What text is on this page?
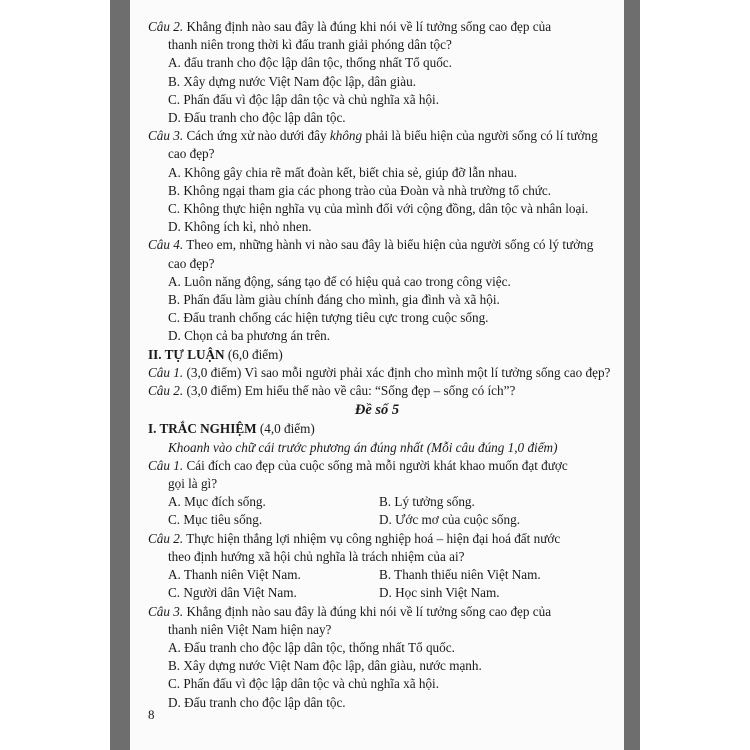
Câu 2. Khẳng định nào sau đây là đúng khi nói về lí tưởng sống cao đẹp của
thanh niên trong thời kì đấu tranh giải phóng dân tộc?
A. đấu tranh cho độc lập dân tộc, thống nhất Tổ quốc.
B. Xây dựng nước Việt Nam độc lập, dân giàu.
C. Phấn đấu vì độc lập dân tộc và chủ nghĩa xã hội.
D. Đấu tranh cho độc lập dân tộc.
Câu 3. Cách ứng xử nào dưới đây không phải là biểu hiện của người sống có lí tưởng
cao đẹp?
A. Không gây chia rẽ mất đoàn kết, biết chia sẻ, giúp đỡ lẫn nhau.
B. Không ngại tham gia các phong trào của Đoàn và nhà trường tổ chức.
C. Không thực hiện nghĩa vụ của mình đối với cộng đồng, dân tộc và nhân loại.
D. Không ích kỉ, nhỏ nhen.
Câu 4. Theo em, những hành vi nào sau đây là biểu hiện của người sống có lý tưởng
cao đẹp?
A. Luôn năng động, sáng tạo để có hiệu quả cao trong công việc.
B. Phấn đấu làm giàu chính đáng cho mình, gia đình và xã hội.
C. Đấu tranh chống các hiện tượng tiêu cực trong cuộc sống.
D. Chọn cả ba phương án trên.
II. TỰ LUẬN (6,0 điểm)
Câu 1. (3,0 điểm) Vì sao mỗi người phải xác định cho mình một lí tưởng sống cao đẹp?
Câu 2. (3,0 điểm) Em hiểu thế nào về câu: “Sống đẹp – sống có ích”?
Đề số 5
I. TRẮC NGHIỆM (4,0 điểm)
Khoanh vào chữ cái trước phương án đúng nhất (Mỗi câu đúng 1,0 điểm)
Câu 1. Cái đích cao đẹp của cuộc sống mà mỗi người khát khao muốn đạt được
gọi là gì?
A. Mục đích sống.	B. Lý tưởng sống.
C. Mục tiêu sống.	D. Ước mơ của cuộc sống.
Câu 2. Thực hiện thắng lợi nhiệm vụ công nghiệp hoá – hiện đại hoá đất nước
theo định hướng xã hội chủ nghĩa là trách nhiệm của ai?
A. Thanh niên Việt Nam.	B. Thanh thiếu niên Việt Nam.
C. Người dân Việt Nam.	D. Học sinh Việt Nam.
Câu 3. Khẳng định nào sau đây là đúng khi nói về lí tưởng sống cao đẹp của
thanh niên Việt Nam hiện nay?
A. Đấu tranh cho độc lập dân tộc, thống nhất Tổ quốc.
B. Xây dựng nước Việt Nam độc lập, dân giàu, nước mạnh.
C. Phấn đấu vì độc lập dân tộc và chủ nghĩa xã hội.
D. Đấu tranh cho độc lập dân tộc.
8
